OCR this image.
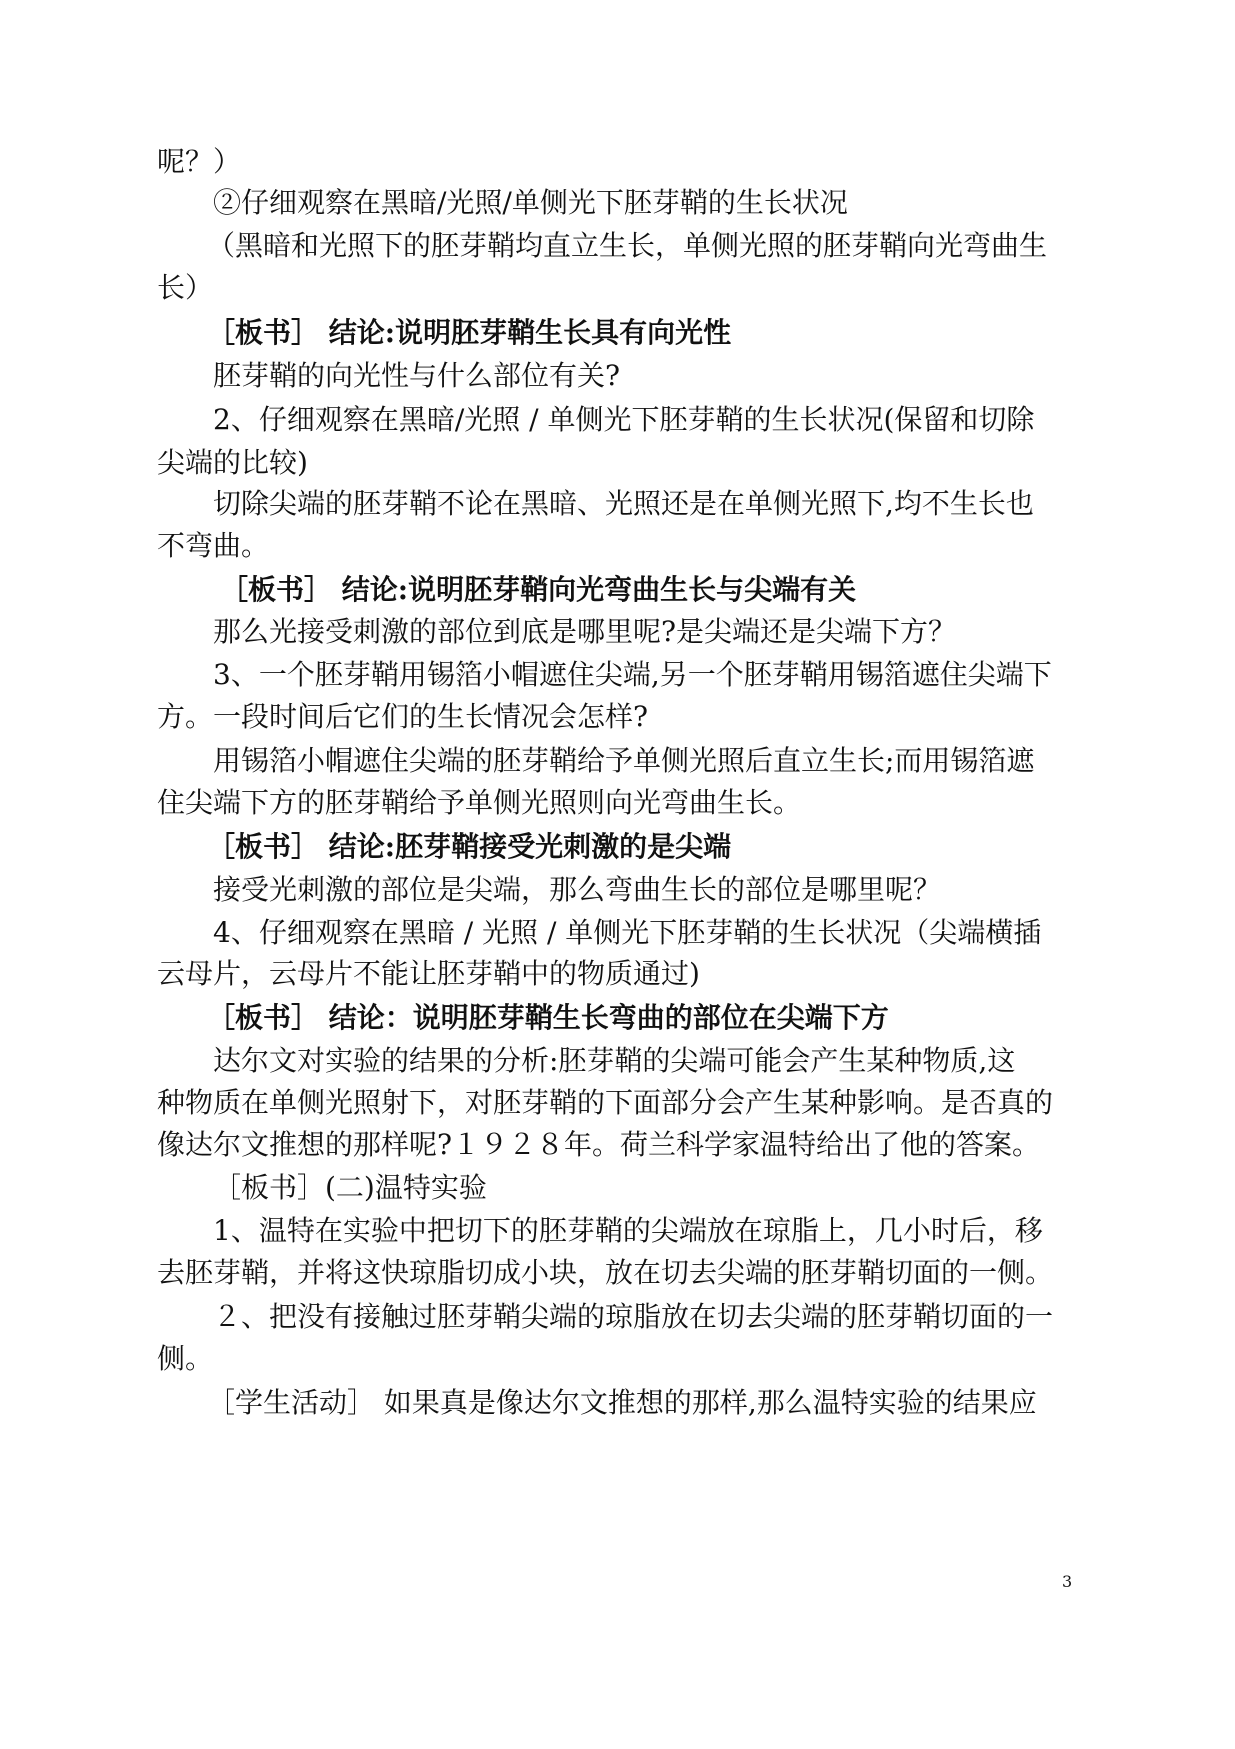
呢？）
②仔细观察在黑暗/光照/单侧光下胚芽鞘的生长状况
（黑暗和光照下的胚芽鞘均直立生长，单侧光照的胚芽鞘向光弯曲生
长）
［板书］ 结论:说明胚芽鞘生长具有向光性
胚芽鞘的向光性与什么部位有关?
2、仔细观察在黑暗/光照 / 单侧光下胚芽鞘的生长状况(保留和切除
尖端的比较)
切除尖端的胚芽鞘不论在黑暗、光照还是在单侧光照下,均不生长也
不弯曲。
［板书］ 结论:说明胚芽鞘向光弯曲生长与尖端有关
那么光接受刺激的部位到底是哪里呢?是尖端还是尖端下方？
3、一个胚芽鞘用锡箔小帽遮住尖端,另一个胚芽鞘用锡箔遮住尖端下
方。一段时间后它们的生长情况会怎样?
用锡箔小帽遮住尖端的胚芽鞘给予单侧光照后直立生长;而用锡箔遮
住尖端下方的胚芽鞘给予单侧光照则向光弯曲生长。
［板书］ 结论:胚芽鞘接受光刺激的是尖端
接受光刺激的部位是尖端，那么弯曲生长的部位是哪里呢？
4、仔细观察在黑暗 / 光照 / 单侧光下胚芽鞘的生长状况（尖端横插
云母片，云母片不能让胚芽鞘中的物质通过)
［板书］ 结论：说明胚芽鞘生长弯曲的部位在尖端下方
达尔文对实验的结果的分析:胚芽鞘的尖端可能会产生某种物质,这
种物质在单侧光照射下，对胚芽鞘的下面部分会产生某种影响。是否真的
像达尔文推想的那样呢?１９２８年。荷兰科学家温特给出了他的答案。
［板书］(二)温特实验
1、温特在实验中把切下的胚芽鞘的尖端放在琼脂上，几小时后，移
去胚芽鞘，并将这快琼脂切成小块，放在切去尖端的胚芽鞘切面的一侧。
２、把没有接触过胚芽鞘尖端的琼脂放在切去尖端的胚芽鞘切面的一
侧。
［学生活动］ 如果真是像达尔文推想的那样,那么温特实验的结果应
3
